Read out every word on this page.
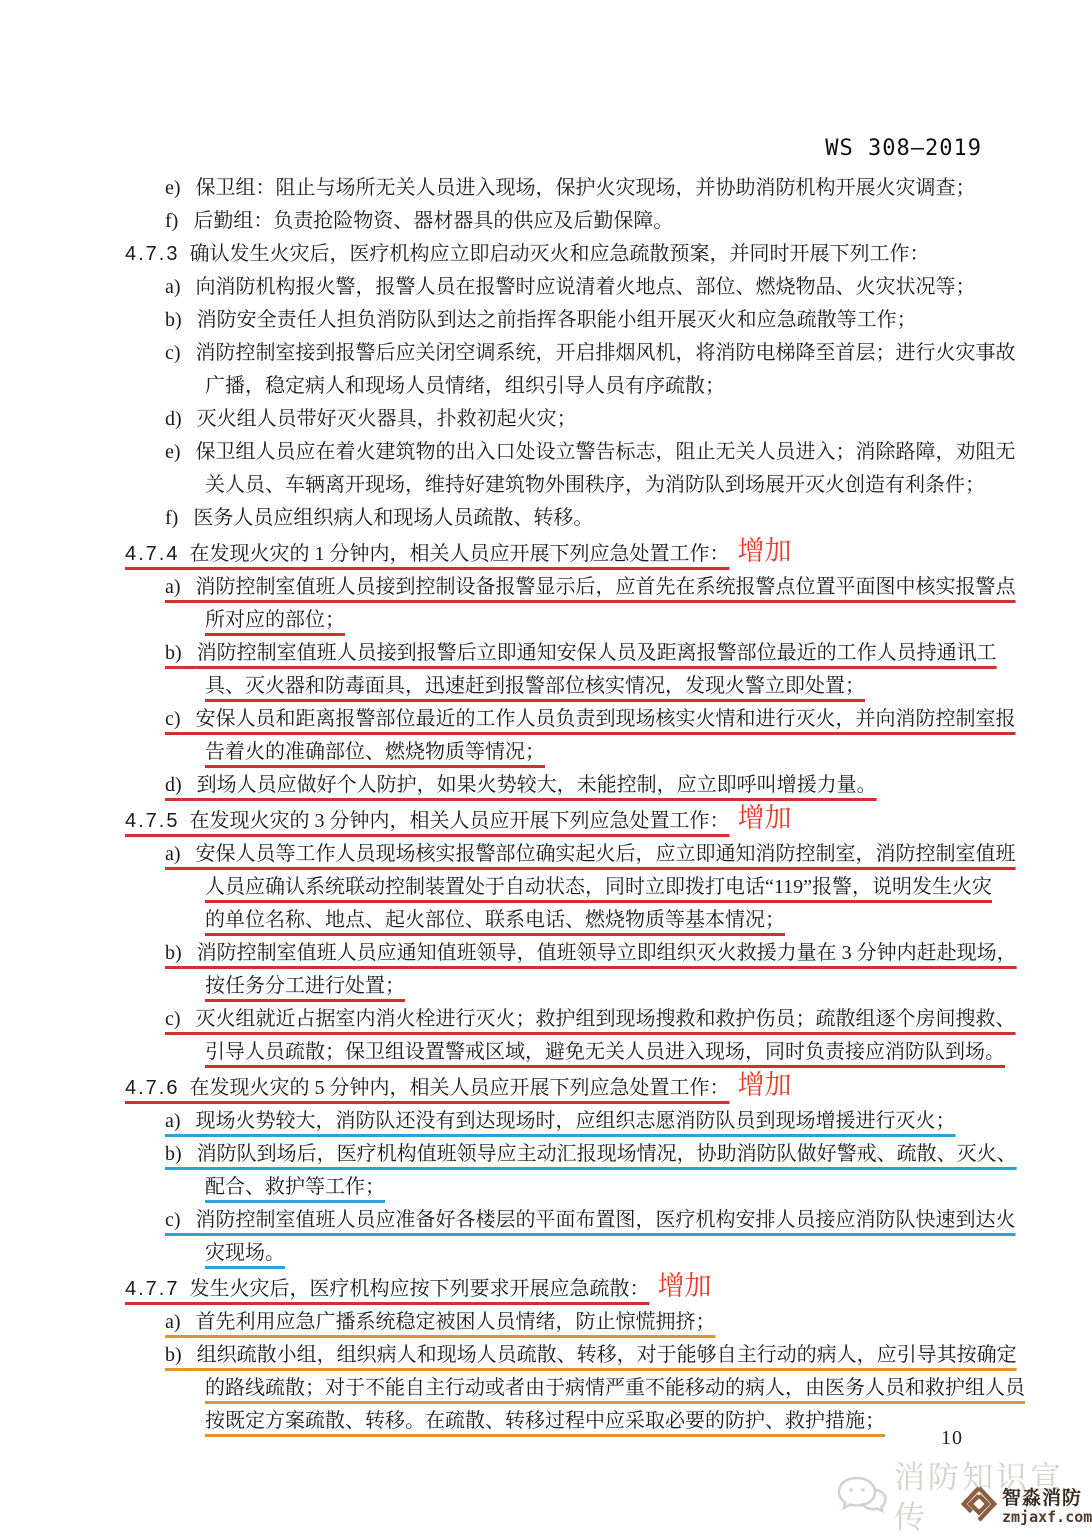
WS 308—2019
e) 保卫组：阻止与场所无关人员进入现场，保护火灾现场，并协助消防机构开展火灾调查；
f) 后勤组：负责抢险物资、器材器具的供应及后勤保障。
4.7.3 确认发生火灾后，医疗机构应立即启动灭火和应急疏散预案，并同时开展下列工作：
a) 向消防机构报火警，报警人员在报警时应说清着火地点、部位、燃烧物品、火灾状况等；
b) 消防安全责任人担负消防队到达之前指挥各职能小组开展灭火和应急疏散等工作；
c) 消防控制室接到报警后应关闭空调系统，开启排烟风机，将消防电梯降至首层；进行火灾事故
广播，稳定病人和现场人员情绪，组织引导人员有序疏散；
d) 灭火组人员带好灭火器具，扑救初起火灾；
e) 保卫组人员应在着火建筑物的出入口处设立警告标志，阻止无关人员进入；消除路障，劝阻无
关人员、车辆离开现场，维持好建筑物外围秩序，为消防队到场展开灭火创造有利条件；
f) 医务人员应组织病人和现场人员疏散、转移。
4.7.4 在发现火灾的 1 分钟内，相关人员应开展下列应急处置工作： 增加
a) 消防控制室值班人员接到控制设备报警显示后，应首先在系统报警点位置平面图中核实报警点
所对应的部位；
b) 消防控制室值班人员接到报警后立即通知安保人员及距离报警部位最近的工作人员持通讯工
具、灭火器和防毒面具，迅速赶到报警部位核实情况，发现火警立即处置；
c) 安保人员和距离报警部位最近的工作人员负责到现场核实火情和进行灭火，并向消防控制室报
告着火的准确部位、燃烧物质等情况；
d) 到场人员应做好个人防护，如果火势较大，未能控制，应立即呼叫增援力量。
4.7.5 在发现火灾的 3 分钟内，相关人员应开展下列应急处置工作： 增加
a) 安保人员等工作人员现场核实报警部位确实起火后，应立即通知消防控制室，消防控制室值班
人员应确认系统联动控制装置处于自动状态，同时立即拨打电话“119”报警，说明发生火灾
的单位名称、地点、起火部位、联系电话、燃烧物质等基本情况；
b) 消防控制室值班人员应通知值班领导，值班领导立即组织灭火救援力量在 3 分钟内赶赴现场，
按任务分工进行处置；
c) 灭火组就近占据室内消火栓进行灭火；救护组到现场搜救和救护伤员；疏散组逐个房间搜救、
引导人员疏散；保卫组设置警戒区域，避免无关人员进入现场，同时负责接应消防队到场。
4.7.6 在发现火灾的 5 分钟内，相关人员应开展下列应急处置工作： 增加
a) 现场火势较大，消防队还没有到达现场时，应组织志愿消防队员到现场增援进行灭火；
b) 消防队到场后，医疗机构值班领导应主动汇报现场情况，协助消防队做好警戒、疏散、灭火、
配合、救护等工作；
c) 消防控制室值班人员应准备好各楼层的平面布置图，医疗机构安排人员接应消防队快速到达火
灾现场。
4.7.7 发生火灾后，医疗机构应按下列要求开展应急疏散： 增加
a) 首先利用应急广播系统稳定被困人员情绪，防止惊慌拥挤；
b) 组织疏散小组，组织病人和现场人员疏散、转移，对于能够自主行动的病人，应引导其按确定
的路线疏散；对于不能自主行动或者由于病情严重不能移动的病人，由医务人员和救护组人员
按既定方案疏散、转移。在疏散、转移过程中应采取必要的防护、救护措施；
10
消防知识宣传
智淼消防
zmjaxf.com
